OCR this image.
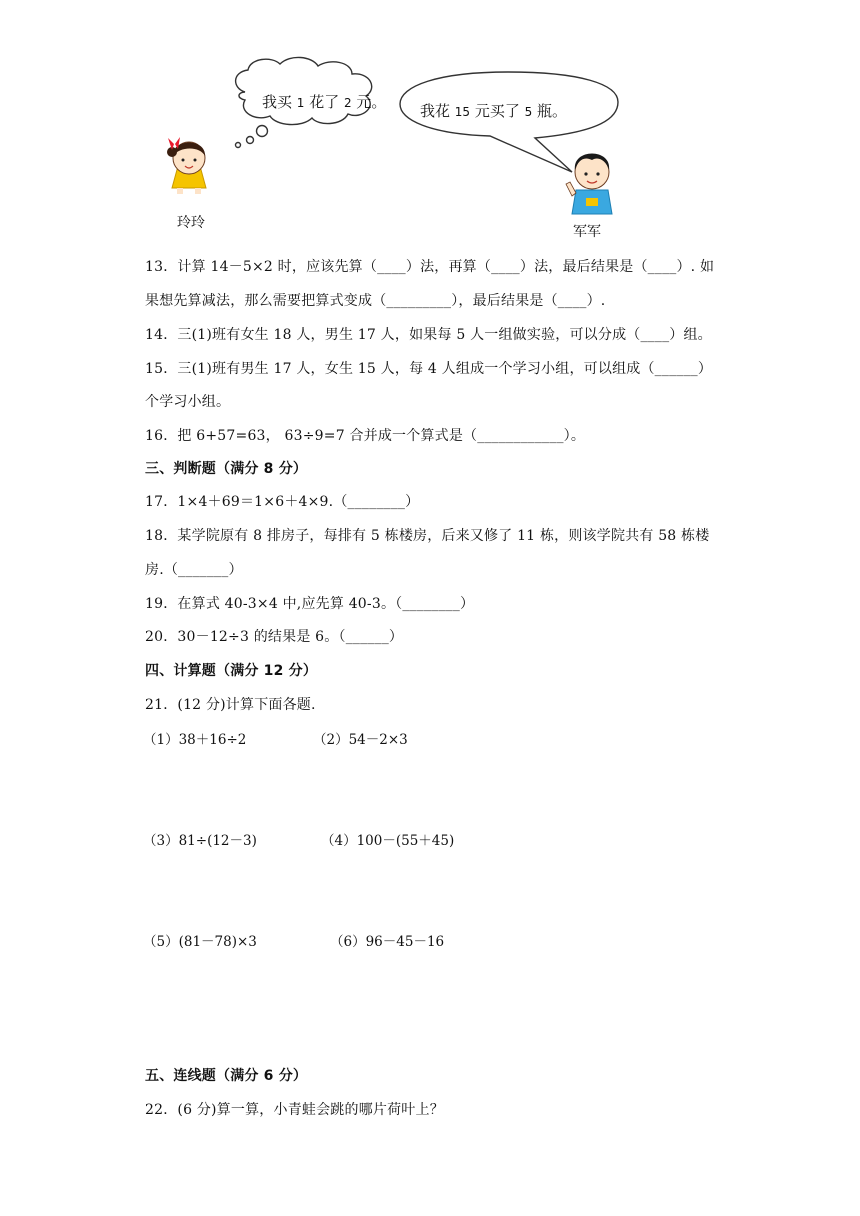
我买 1 花了 2 元。 我花 15 元买了 5 瓶。
玲玲
军军
13．计算 14－5×2 时，应该先算（____）法，再算（____）法，最后结果是（____）. 如
果想先算减法，那么需要把算式变成（_________），最后结果是（____）.
14．三(1)班有女生 18 人，男生 17 人，如果每 5 人一组做实验，可以分成（____）组。
15．三(1)班有男生 17 人，女生 15 人，每 4 人组成一个学习小组，可以组成（______）
个学习小组。
16．把 6+57=63， 63÷9=7 合并成一个算式是（____________）。
三、判断题（满分 8 分）
17．1×4＋69＝1×6＋4×9.（________）
18．某学院原有 8 排房子，每排有 5 栋楼房，后来又修了 11 栋，则该学院共有 58 栋楼
房.（_______）
19．在算式 40-3×4 中,应先算 40-3。（________）
20．30－12÷3 的结果是 6。（______）
四、计算题（满分 12 分）
21．(12 分)计算下面各题.
（1）38＋16÷2	（2）54－2×3
（3）81÷(12－3)	（4）100－(55＋45)
（5）(81－78)×3	（6）96－45－16
五、连线题（满分 6 分）
22．(6 分)算一算，小青蛙会跳的哪片荷叶上？
